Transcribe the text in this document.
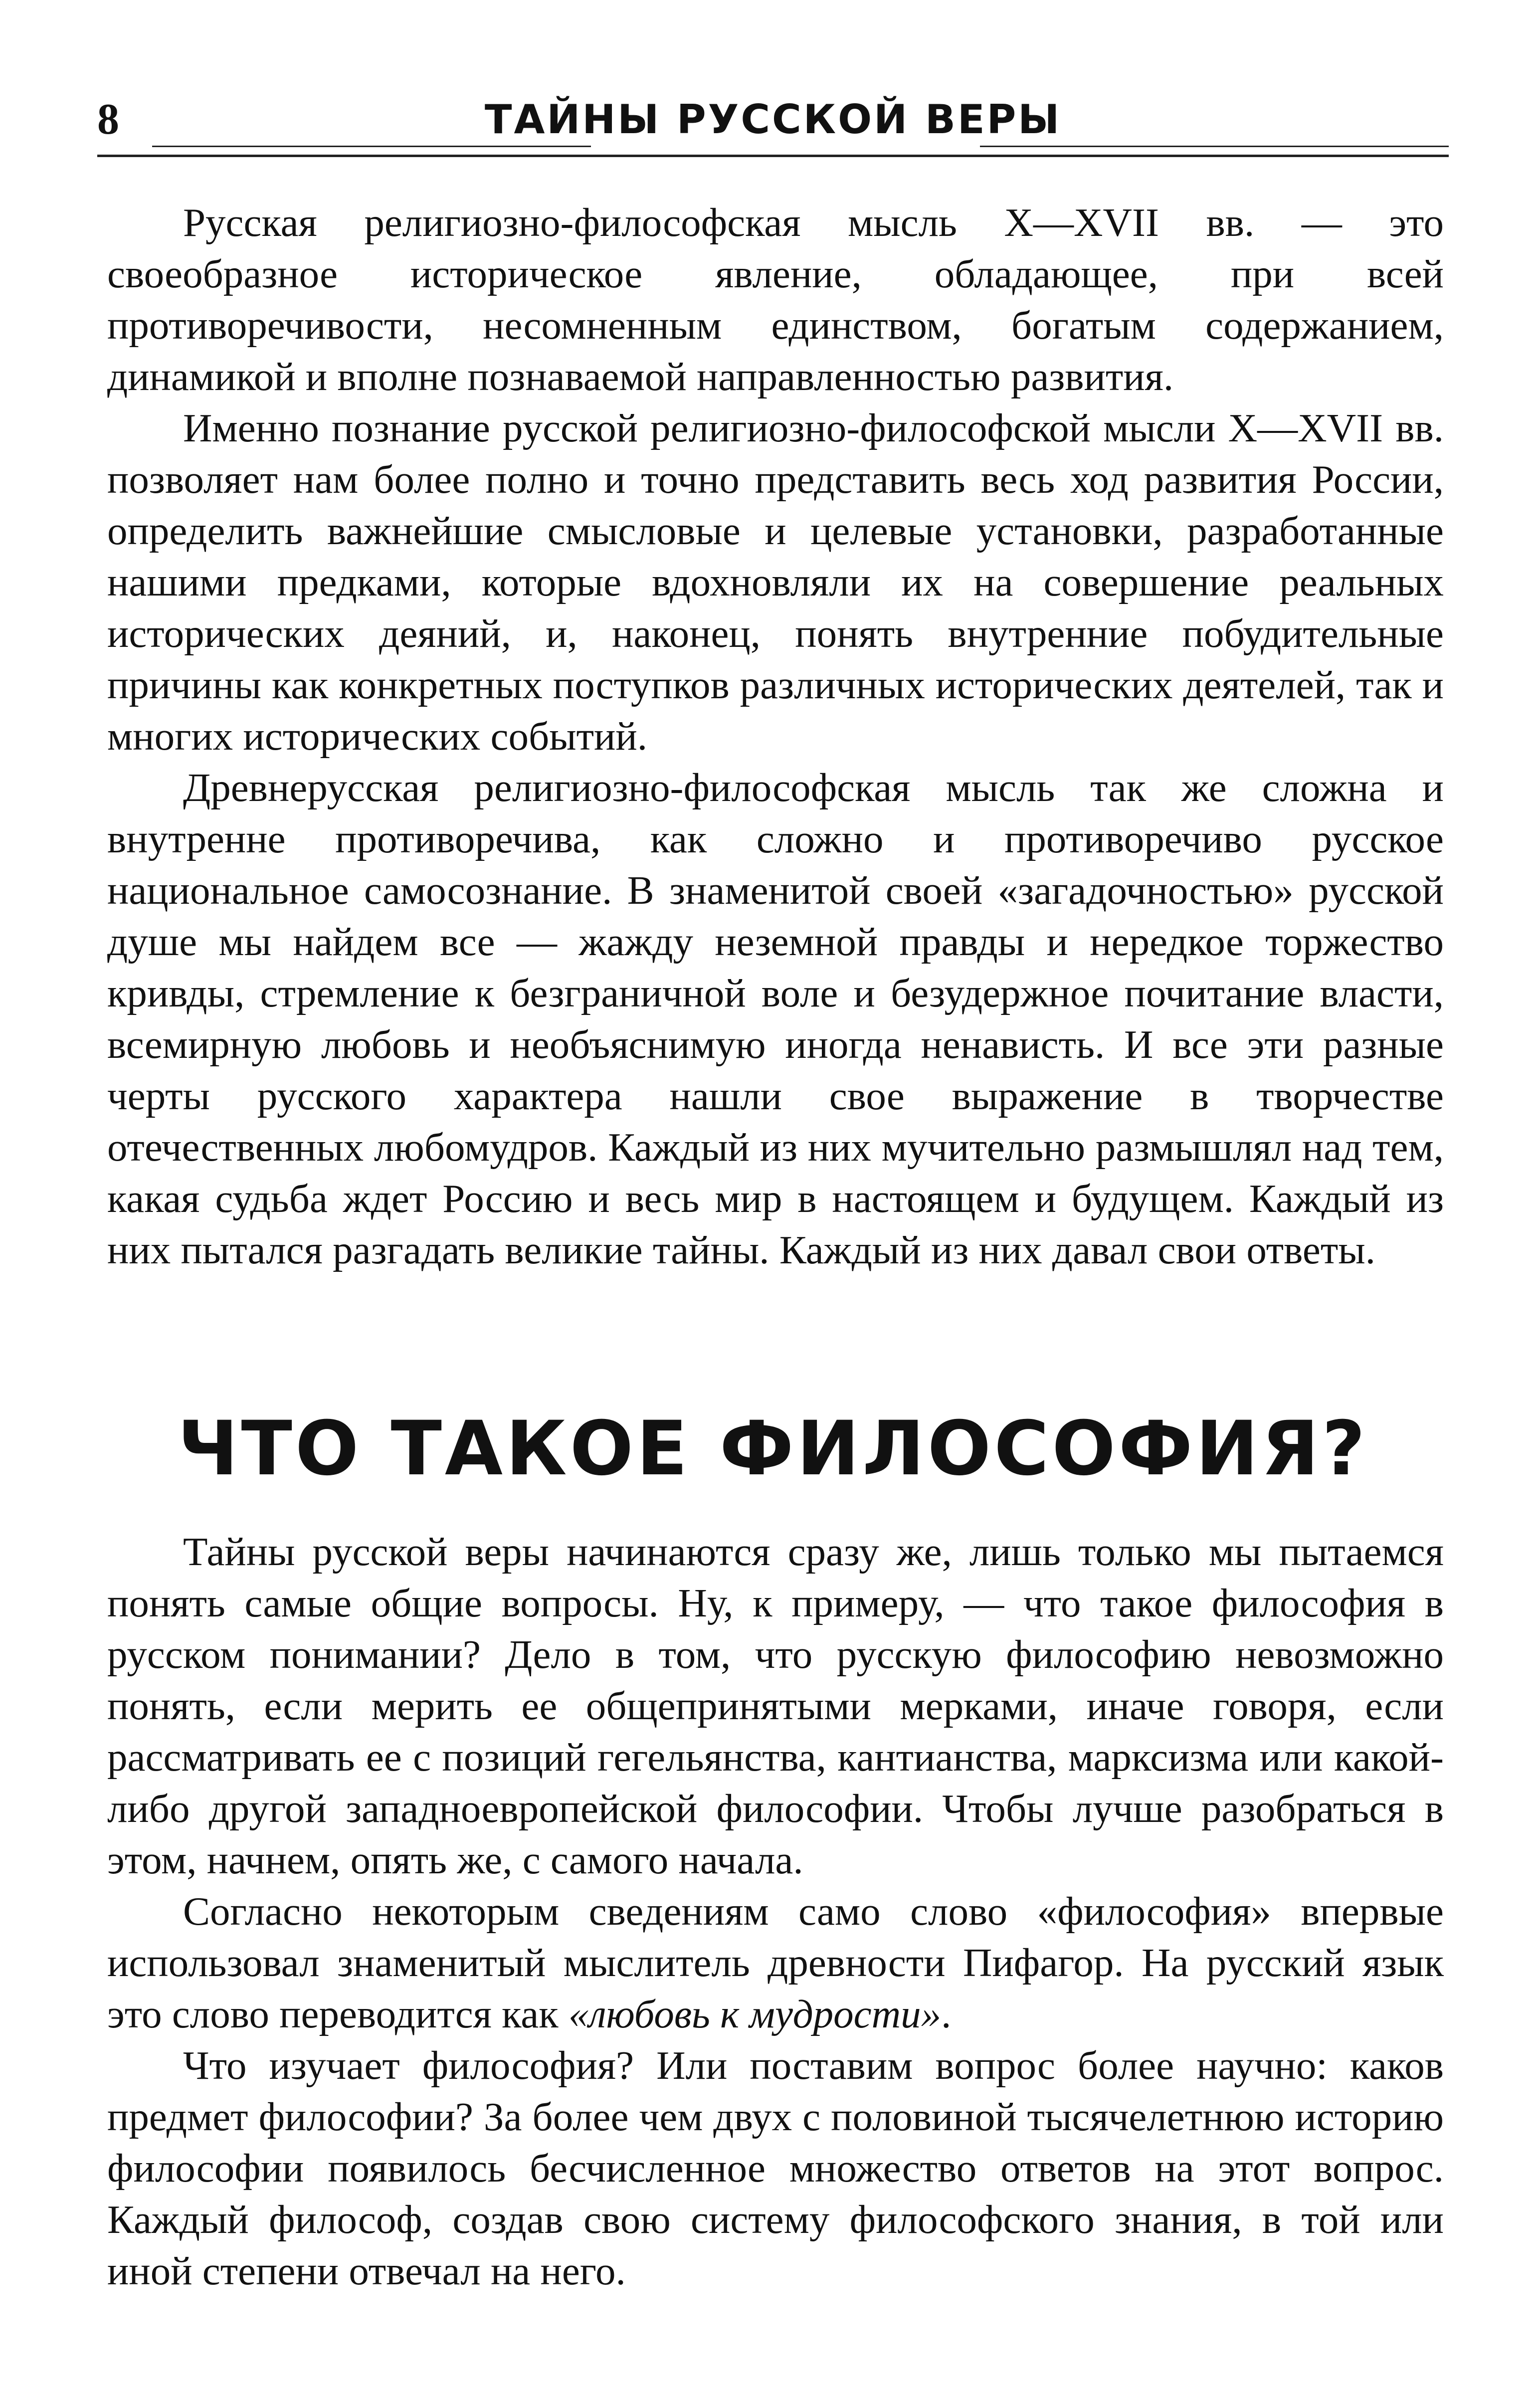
8	ТАЙНЫ РУССКОЙ ВЕРЫ

Русская религиозно-философская мысль X—XVII вв. — это своеобразное историческое явление, обладающее, при всей противоречивости, несомненным единством, богатым содержанием, динамикой и вполне познаваемой направленностью развития.

Именно познание русской религиозно-философской мысли X—XVII вв. позволяет нам более полно и точно представить весь ход развития России, определить важнейшие смысловые и целевые установки, разработанные нашими предками, которые вдохновляли их на совершение реальных исторических деяний, и, наконец, понять внутренние побудительные причины как конкретных поступков различных исторических деятелей, так и многих исторических событий.

Древнерусская религиозно-философская мысль так же сложна и внутренне противоречива, как сложно и противоречиво русское национальное самосознание. В знаменитой своей «загадочностью» русской душе мы найдем все — жажду неземной правды и нередкое торжество кривды, стремление к безграничной воле и безудержное почитание власти, всемирную любовь и необъяснимую иногда ненависть. И все эти разные черты русского характера нашли свое выражение в творчестве отечественных любомудров. Каждый из них мучительно размышлял над тем, какая судьба ждет Россию и весь мир в настоящем и будущем. Каждый из них пытался разгадать великие тайны. Каждый из них давал свои ответы.

ЧТО ТАКОЕ ФИЛОСОФИЯ?

Тайны русской веры начинаются сразу же, лишь только мы пытаемся понять самые общие вопросы. Ну, к примеру, — что такое философия в русском понимании? Дело в том, что русскую философию невозможно понять, если мерить ее общепринятыми мерками, иначе говоря, если рассматривать ее с позиций гегельянства, кантианства, марксизма или какой-либо другой западноевропейской философии. Чтобы лучше разобраться в этом, начнем, опять же, с самого начала.

Согласно некоторым сведениям само слово «философия» впервые использовал знаменитый мыслитель древности Пифагор. На русский язык это слово переводится как «любовь к мудрости».

Что изучает философия? Или поставим вопрос более научно: каков предмет философии? За более чем двух с половиной тысячелетнюю историю философии появилось бесчисленное множество ответов на этот вопрос. Каждый философ, создав свою систему философского знания, в той или иной степени отвечал на него.
